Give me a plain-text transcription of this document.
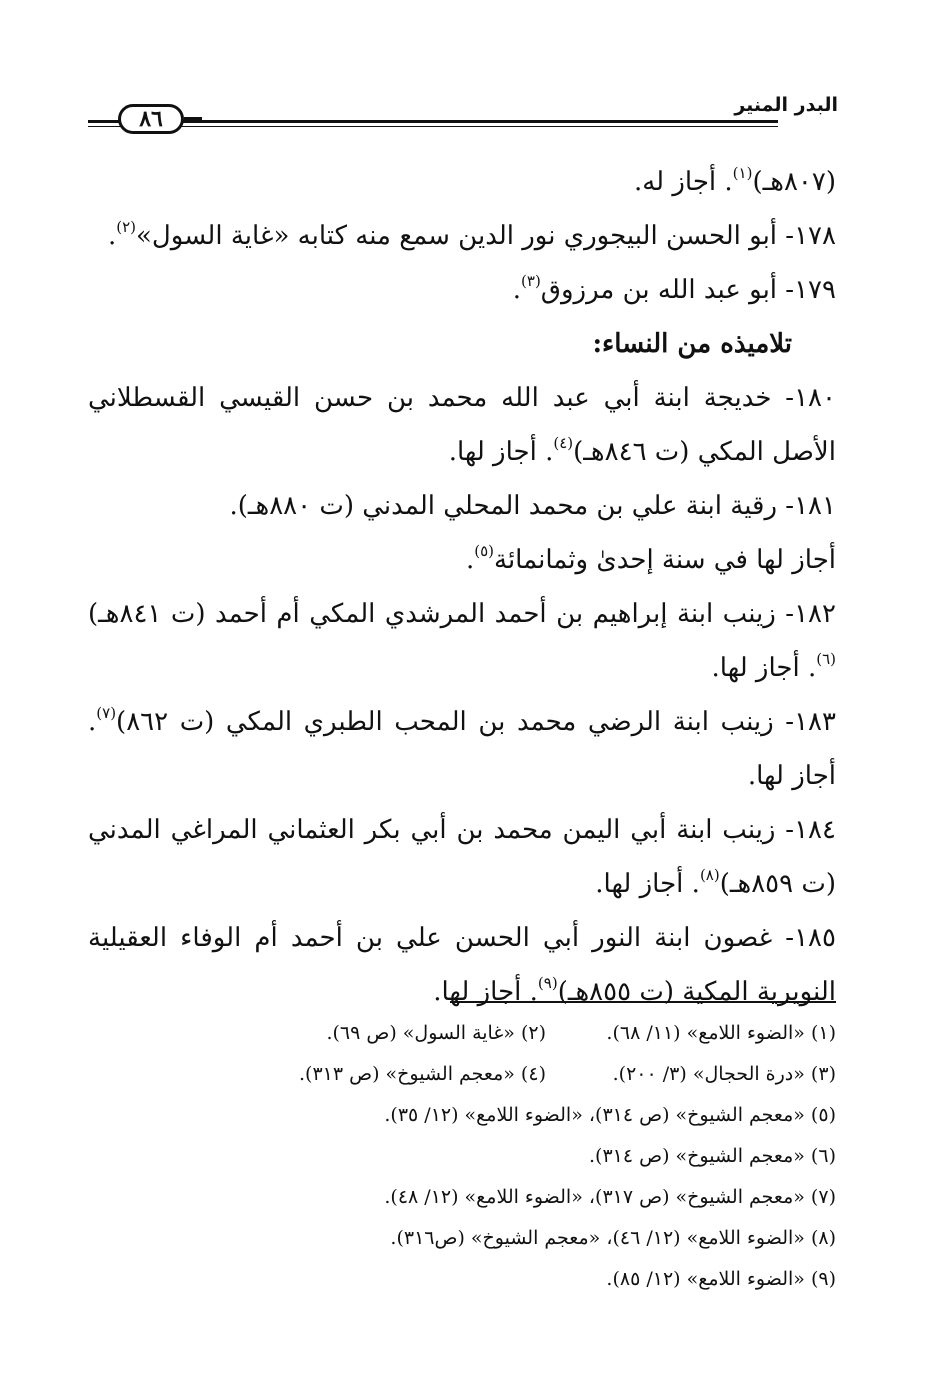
البدر المنير
٨٦

(٨٠٧هـ)$^{(١)}$. أجاز له.

١٧٨- أبو الحسن البيجوري نور الدين سمع منه كتابه «غاية السول»$^{(٢)}$.

١٧٩- أبو عبد الله بن مرزوق$^{(٣)}$.

تلاميذه من النساء:

١٨٠- خديجة ابنة أبي عبد الله محمد بن حسن القيسي القسطلاني الأصل المكي (ت ٨٤٦هـ)$^{(٤)}$. أجاز لها.

١٨١- رقية ابنة علي بن محمد المحلي المدني (ت ٨٨٠هـ).

أجاز لها في سنة إحدىٰ وثمانمائة$^{(٥)}$.

١٨٢- زينب ابنة إبراهيم بن أحمد المرشدي المكي أم أحمد (ت ٨٤١هـ)$^{(٦)}$. أجاز لها.

١٨٣- زينب ابنة الرضي محمد بن المحب الطبري المكي (ت ٨٦٢)$^{(٧)}$. أجاز لها.

١٨٤- زينب ابنة أبي اليمن محمد بن أبي بكر العثماني المراغي المدني (ت ٨٥٩هـ)$^{(٨)}$. أجاز لها.

١٨٥- غصون ابنة النور أبي الحسن علي بن أحمد أم الوفاء العقيلية النويرية المكية (ت ٨٥٥هـ)$^{(٩)}$. أجاز لها.

(١) «الضوء اللامع» (١١/ ٦٨).
(٢) «غاية السول» (ص ٦٩).
(٣) «درة الحجال» (٣/ ٢٠٠).
(٤) «معجم الشيوخ» (ص ٣١٣).
(٥) «معجم الشيوخ» (ص ٣١٤)، «الضوء اللامع» (١٢/ ٣٥).
(٦) «معجم الشيوخ» (ص ٣١٤).
(٧) «معجم الشيوخ» (ص ٣١٧)، «الضوء اللامع» (١٢/ ٤٨).
(٨) «الضوء اللامع» (١٢/ ٤٦)، «معجم الشيوخ» (ص٣١٦).
(٩) «الضوء اللامع» (١٢/ ٨٥).
